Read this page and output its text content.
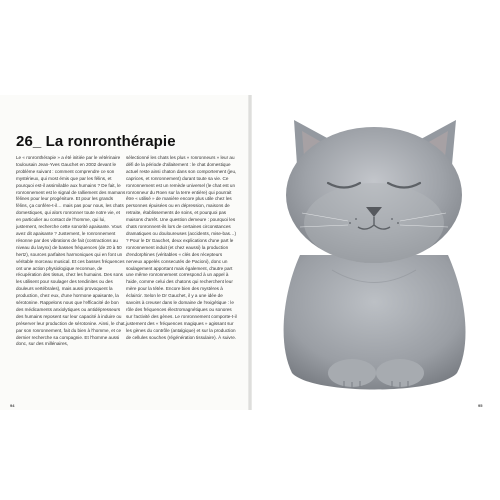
26_ La ronronthérapie

Le « ronronthérapie » a été initiée par le vétérinaire toulousain Jean-Yves Gauchet en 2002 devant le problème suivant : comment comprendre ce son mystérieux, qui most émis que par les félins, et pourquoi est-il assimilable aux humains ? De fait, le ronronnement est le signal de ralliement des mamans félines pour leur progéniture. Et pour les grands félins, ça confère-t-il… mais pas pour nous, les chats domestiques, qui alors ronronner toute notre vie, et en particulier au contact de l'homme, qui lui, justement, recherche cette sonorité apaisante. Vous avez dit apaisante ? Justement, le ronronnement résonne par des vibrations de fait (contractions au niveau du larynx) de basses fréquences (de 20 à 50 hertz), sources parfaites harmoniques qui en font un véritable morceau musical. Et ces basses fréquences ont une action physiologique reconnue, de récupération des tissus, chez les humains. Des sons les utilisent pour soulager des tendinites ou des douleurs vertébrales), mais aussi provoquent la production, chez eux, d'une hormone apaisante, la sérotonine. Rappelons nous que l'efficacité de bon des médicaments anxiolytiques ou antidépresseurs des humains reposent sur leur capacité à induire ou préserver leur production de sérotonine. Ainsi, le chat, par son ronronnement, fait du bien à l'homme, et ce dernier recherche sa compagnie. Et l'homme aussi donc, sur des millénaires,

sélectionné les chats les plus « ronronneurs » leur au défi de la période d'allaitement : le chat domestique actuel reste ainsi chaton dans son comportement (jeu, caprices, et ronronnement) durant toute sa vie. Ce ronronnement est un remède universel (le chat est un ronronneur du Roen sur la terre entière) qui pourrait être « utilisé » de manière encore plus utile chez les personnes épuisées ou en dépression, maisons de retraite, établissements de soins, et pourquoi pas maisons d'arrêt. Une question demeure : pourquoi les chats ronronnent-ils lors de certaines circonstances dramatiques ou douloureuses (accidents, mise-bas…) ? Pour le Dr Gauchet, deux explications d'une part le ronronnement induit (et chez eaussi) la production d'endorphines (véritables « clés des récepteurs nerveux appelés consecutés de Pacioni), donc un soulagement apportant mais également, d'autre part une même ronronnement correspond à un appel à l'aide, comme celui des chatons qui recherchent leur mère pour la tétée. Encore bien des mystères à éclaircir. Selon le Dr Gauchet, il y a une idée de savoirs à creuser dans le domaine de l'exigétique : le rôle des fréquences électromagnétiques ou sonores sur l'activité des gènes. Le ronronnement comporte-t-il justement des « fréquences magiques » agissant sur les gènes du contrôle (antalgique) et sur la production de cellules souches (régénération tissulaire). À suivre.

94	95
